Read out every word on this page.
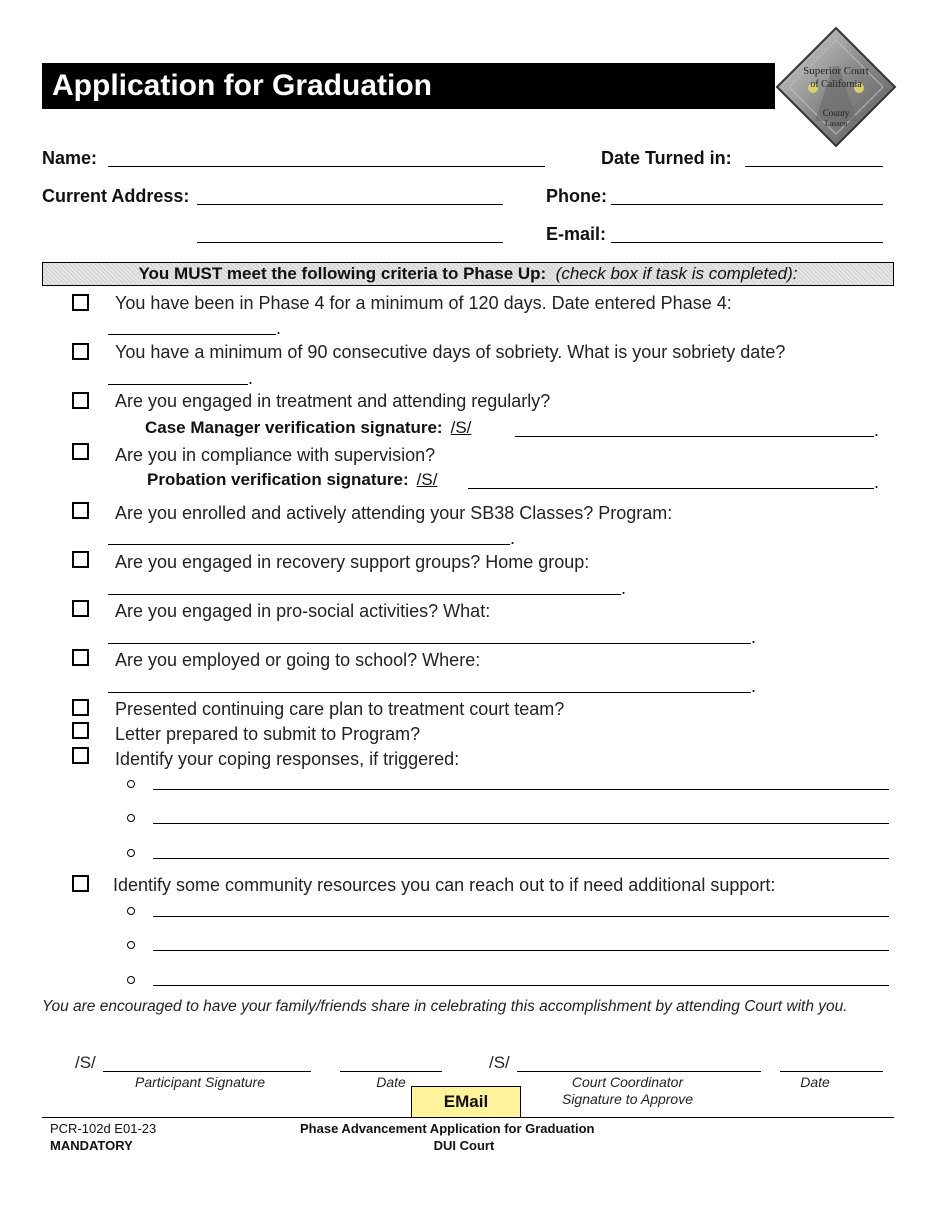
Application for Graduation	Superior Court
of California
County
Lassen
Name:	Date Turned in:
Current Address:	Phone:
E-mail:
You MUST meet the following criteria to Phase Up: (check box if task is completed):
You have been in Phase 4 for a minimum of 120 days. Date entered Phase 4:
.
You have a minimum of 90 consecutive days of sobriety. What is your sobriety date?
.
Are you engaged in treatment and attending regularly?
Case Manager verification signature: /S/	.
Are you in compliance with supervision?
Probation verification signature: /S/	.
Are you enrolled and actively attending your SB38 Classes? Program:
.
Are you engaged in recovery support groups? Home group:
.
Are you engaged in pro-social activities? What:
.
Are you employed or going to school? Where:
.
Presented continuing care plan to treatment court team?
Letter prepared to submit to Program?
Identify your coping responses, if triggered:
Identify some community resources you can reach out to if need additional support:
You are encouraged to have your family/friends share in celebrating this accomplishment by attending Court with you.
/S/
Participant Signature	Date
/S/
Court Coordinator
Signature to Approve
Date
EMail
PCR-102d E01-23
MANDATORY
Phase Advancement Application for Graduation
DUI Court
